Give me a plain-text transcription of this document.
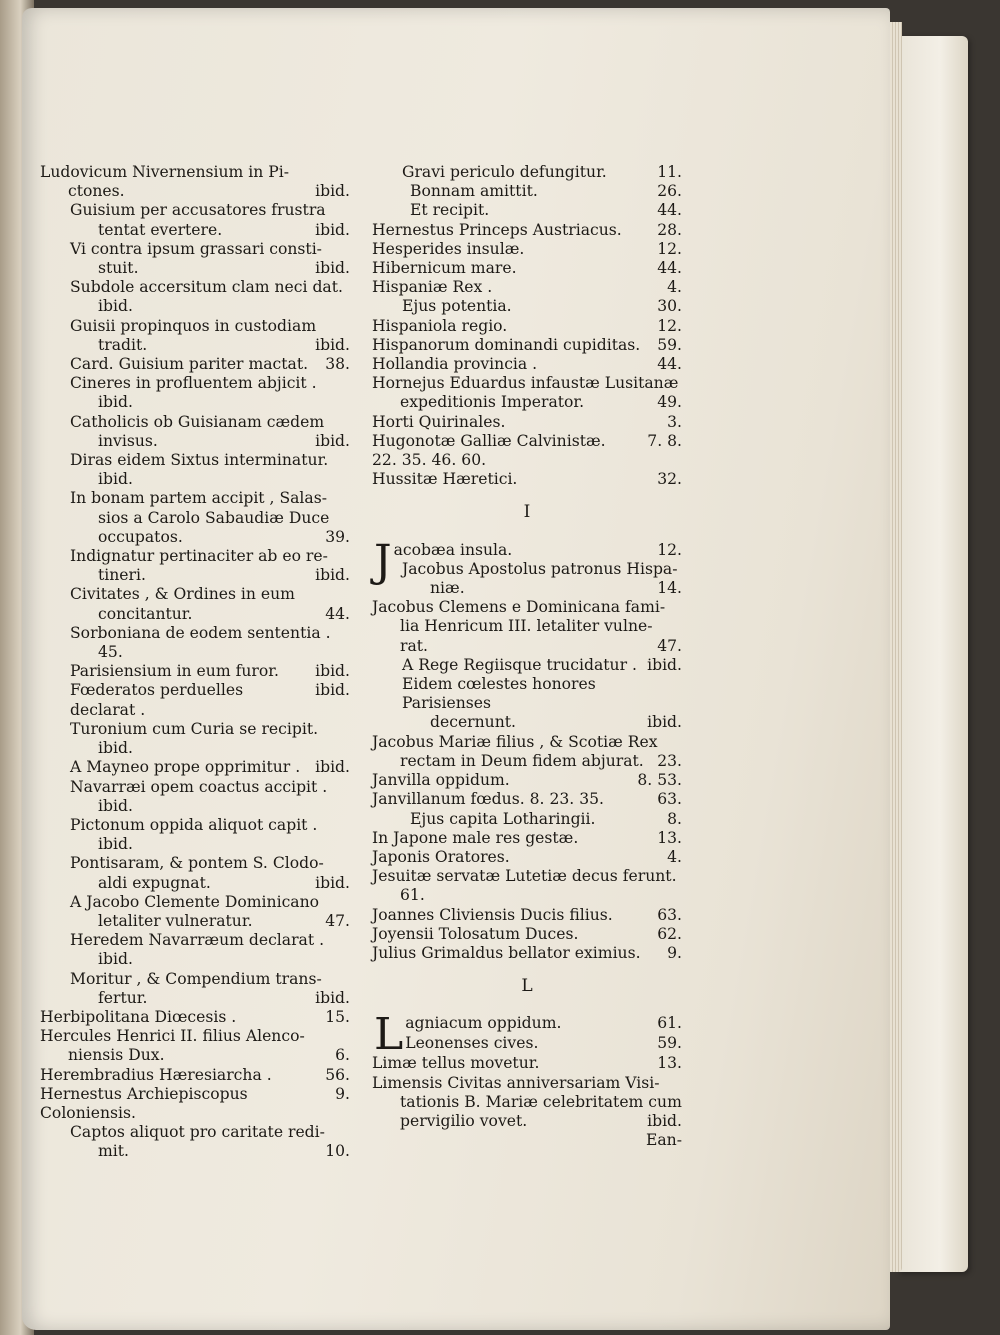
Ludovicum Nivernensium in Pi-
ctones.	ibid.
Guisium per accusatores frustra
tentat evertere.	ibid.
Vi contra ipsum grassari consti-
stuit.	ibid.
Subdole accersitum clam neci dat.
ibid.
Guisii propinquos in custodiam
tradit.	ibid.
Card. Guisium pariter mactat. 38.
Cineres in profluentem abjicit .
ibid.
Catholicis ob Guisianam cædem
invisus.	ibid.
Diras eidem Sixtus interminatur.
ibid.
In bonam partem accipit , Salas-
sios a Carolo Sabaudiæ Duce
occupatos.	39.
Indignatur pertinaciter ab eo re-
tineri.	ibid.
Civitates , & Ordines in eum
concitantur.	44.
Sorboniana de eodem sententia .
45.
Parisiensium in eum furor. ibid.
Fœderatos perduelles declarat .
ibid.
Turonium cum Curia se recipit.
ibid.
A Mayneo prope opprimitur . ibid.
Navarræi opem coactus accipit .
ibid.
Pictonum oppida aliquot capit .
ibid.
Pontisaram, & pontem S. Clodo-
aldi expugnat.	ibid.
A Jacobo Clemente Dominicano
letaliter vulneratur.	47.
Heredem Navarræum declarat .
ibid.
Moritur , & Compendium trans-
fertur.	ibid.
Herbipolitana Diœcesis .	15.
Hercules Henrici II. filius Alenco-
niensis Dux.	6.
Herembradius Hæresiarcha .	56.
Hernestus Archiepiscopus Coloniensis.
9.
Captos aliquot pro caritate redi-
mit.	10.
Gravi periculo defungitur.	11.
Bonnam amittit.	26.
Et recipit.	44.
Hernestus Princeps Austriacus. 28.
Hesperides insulæ.	12.
Hibernicum mare.	44.
Hispaniæ Rex .	4.
Ejus potentia.	30.
Hispaniola regio.	12.
Hispanorum dominandi cupiditas. 59.
Hollandia provincia .	44.
Hornejus Eduardus infaustæ Lusitanæ
expeditionis Imperator.	49.
Horti Quirinales.	3.
Hugonotæ Galliæ Calvinistæ.	7. 8.
22. 35. 46. 60.
Hussitæ Hæretici.	32.
I
J acobæa insula.	12.
Jacobus Apostolus patronus Hispa-
niæ.	14.
Jacobus Clemens e Dominicana fami-
lia Henricum III. letaliter vulne-
rat.	47.
A Rege Regiisque trucidatur . ibid.
Eidem cœlestes honores Parisienses
decernunt.	ibid.
Jacobus Mariæ filius , & Scotiæ Rex
rectam in Deum fidem abjurat. 23.
Janvilla oppidum.	8. 53.
Janvillanum fœdus. 8. 23. 35.	63.
Ejus capita Lotharingii.	8.
In Japone male res gestæ.	13.
Japonis Oratores.	4.
Jesuitæ servatæ Lutetiæ decus ferunt.
61.
Joannes Cliviensis Ducis filius.	63.
Joyensii Tolosatum Duces.	62.
Julius Grimaldus bellator eximius. 9.
L
L agniacum oppidum.	61.
Leonenses cives.	59.
Limæ tellus movetur.	13.
Limensis Civitas anniversariam Visi-
tationis B. Mariæ celebritatem cum
pervigilio vovet.	ibid.
Ean-
